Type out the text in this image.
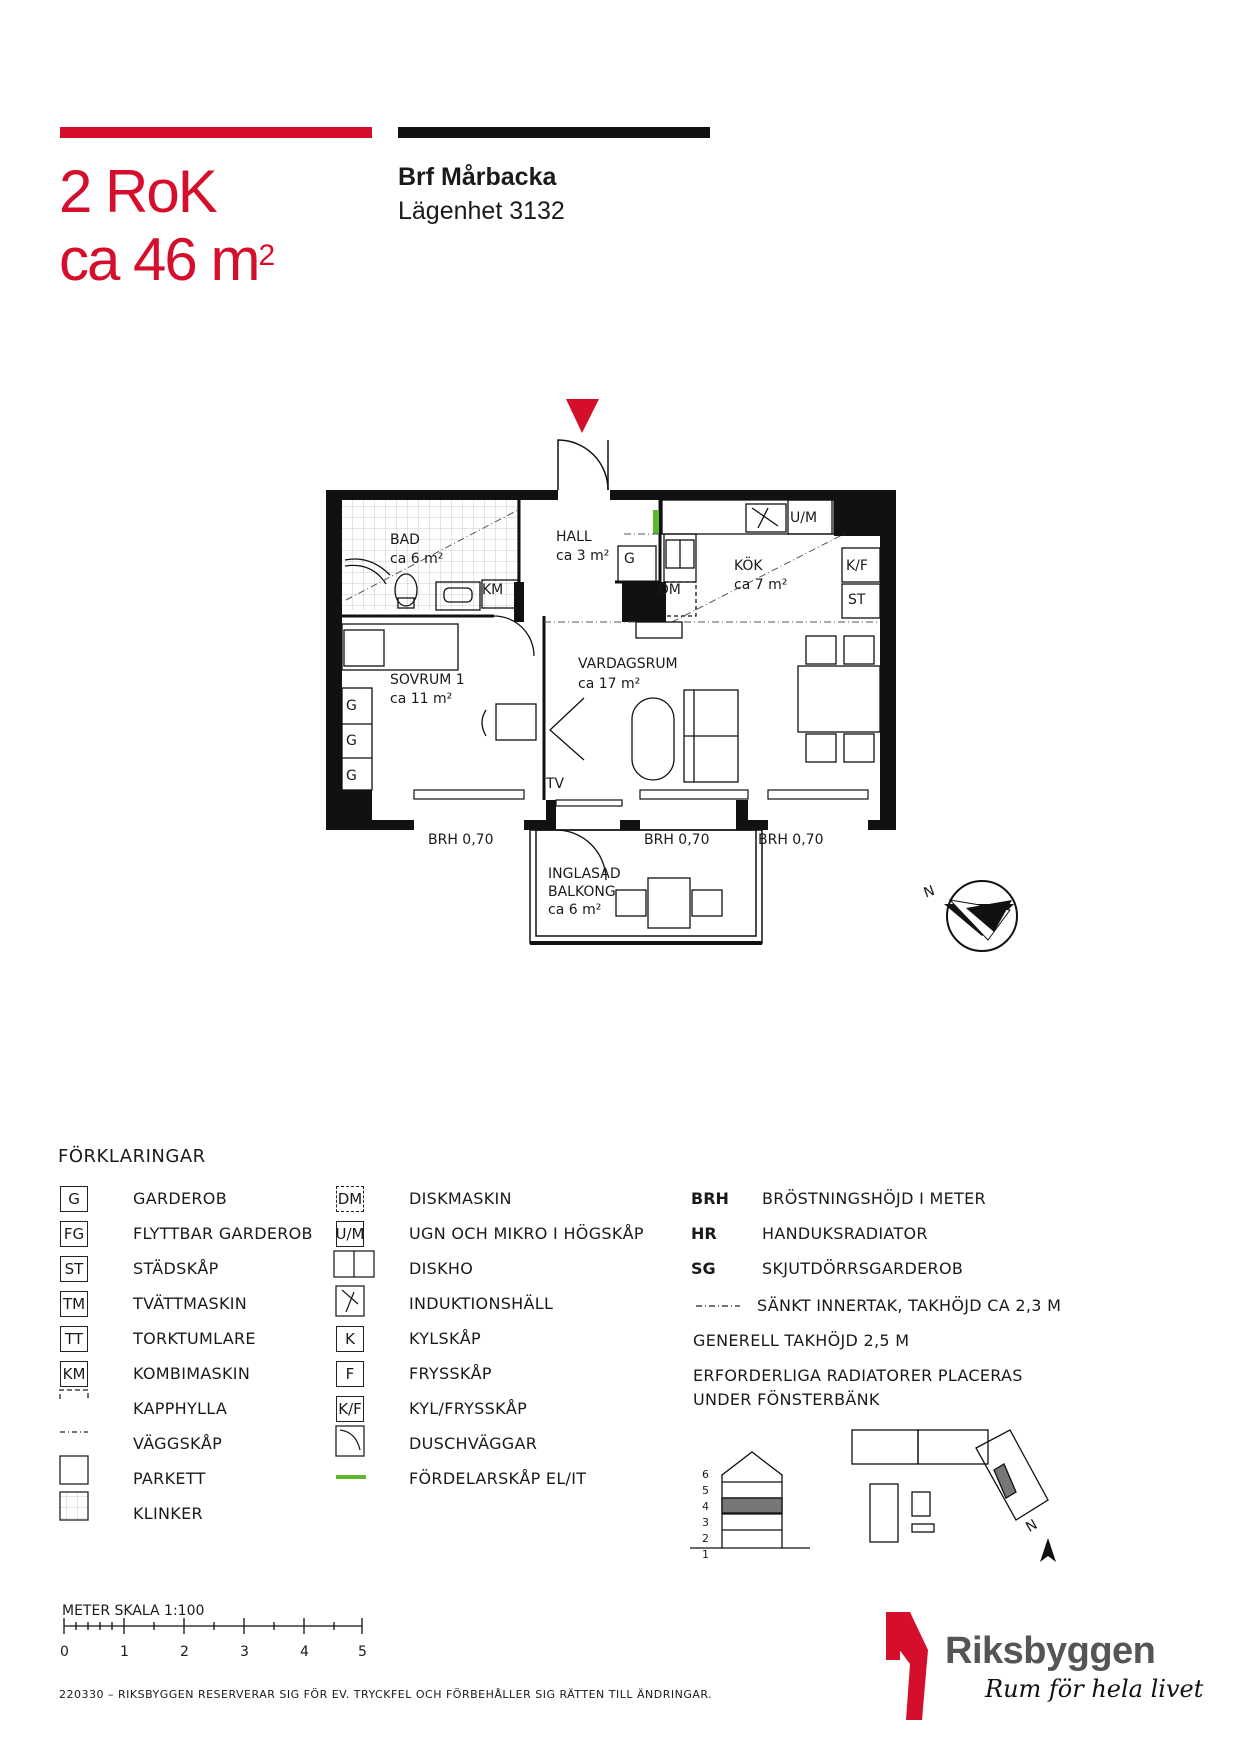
2 RoK
ca 46 $m^2$
Brf Mårbacka
Lägenhet 3132
BAD
ca 6 m²
HALL
ca 3 m² G	KÖK
ca 7 m²
KM	DM
U/M
K/F
ST
SOVRUM 1
ca 11 m²
G
G
G
VARDAGSRUM
ca 17 m²
TV
BRH 0,70	BRH 0,70	BRH 0,70
INGLASAD
BALKONG
ca 6 m²
N
6
5
4
3
2
1
N
0	1	2	3	4	5
FÖRKLARINGAR
G	GARDEROB
FG	FLYTTBAR GARDEROB
ST	STÄDSKÅP
TM	TVÄTTMASKIN
TT	TORKTUMLARE
KM	KOMBIMASKIN
KAPPHYLLA
VÄGGSKÅP
PARKETT
KLINKER
DM	DISKMASKIN
U/M	UGN OCH MIKRO I HÖGSKÅP
DISKHO
INDUKTIONSHÄLL
K	KYLSKÅP
F	FRYSSKÅP
K/F	KYL/FRYSSKÅP
DUSCHVÄGGAR
FÖRDELARSKÅP EL/IT
BRH BRÖSTNINGSHÖJD I METER
HR	HANDUKSRADIATOR
SG	SKJUTDÖRRSGARDEROB
SÄNKT INNERTAK, TAKHÖJD CA 2,3 M
GENERELL TAKHÖJD 2,5 M
ERFORDERLIGA RADIATORER PLACERAS
UNDER FÖNSTERBÄNK
METER SKALA 1:100
220330 – RIKSBYGGEN RESERVERAR SIG FÖR EV. TRYCKFEL OCH FÖRBEHÅLLER SIG RÄTTEN TILL ÄNDRINGAR.
Riksbyggen
Rum för hela livet
